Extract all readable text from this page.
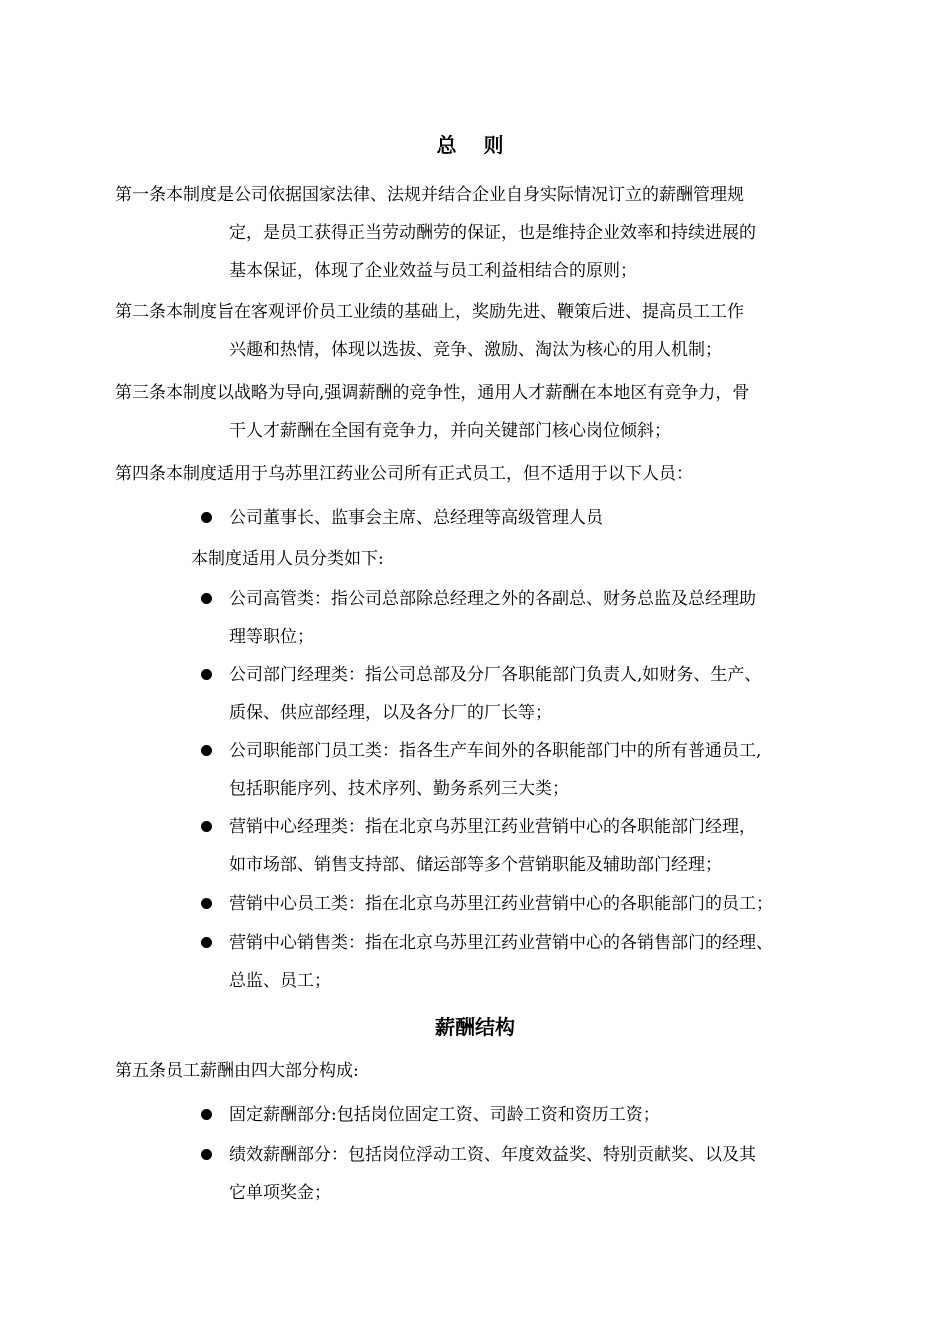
总 则
第一条本制度是公司依据国家法律、法规并结合企业自身实际情况订立的薪酬管理规
定，是员工获得正当劳动酬劳的保证，也是维持企业效率和持续进展的
基本保证，体现了企业效益与员工利益相结合的原则；
第二条本制度旨在客观评价员工业绩的基础上，奖励先进、鞭策后进、提高员工工作
兴趣和热情，体现以选拔、竞争、激励、淘汰为核心的用人机制；
第三条本制度以战略为导向,强调薪酬的竞争性，通用人才薪酬在本地区有竞争力，骨
干人才薪酬在全国有竞争力，并向关键部门核心岗位倾斜；
第四条本制度适用于乌苏里江药业公司所有正式员工，但不适用于以下人员：
公司董事长、监事会主席、总经理等高级管理人员
本制度适用人员分类如下:
公司高管类：指公司总部除总经理之外的各副总、财务总监及总经理助
理等职位；
公司部门经理类：指公司总部及分厂各职能部门负责人,如财务、生产、
质保、供应部经理，以及各分厂的厂长等；
公司职能部门员工类：指各生产车间外的各职能部门中的所有普通员工,
包括职能序列、技术序列、勤务系列三大类；
营销中心经理类：指在北京乌苏里江药业营销中心的各职能部门经理，
如市场部、销售支持部、储运部等多个营销职能及辅助部门经理；
营销中心员工类：指在北京乌苏里江药业营销中心的各职能部门的员工；
营销中心销售类：指在北京乌苏里江药业营销中心的各销售部门的经理、
总监、员工；
薪酬结构
第五条员工薪酬由四大部分构成:
固定薪酬部分:包括岗位固定工资、司龄工资和资历工资；
绩效薪酬部分：包括岗位浮动工资、年度效益奖、特别贡献奖、以及其
它单项奖金；
